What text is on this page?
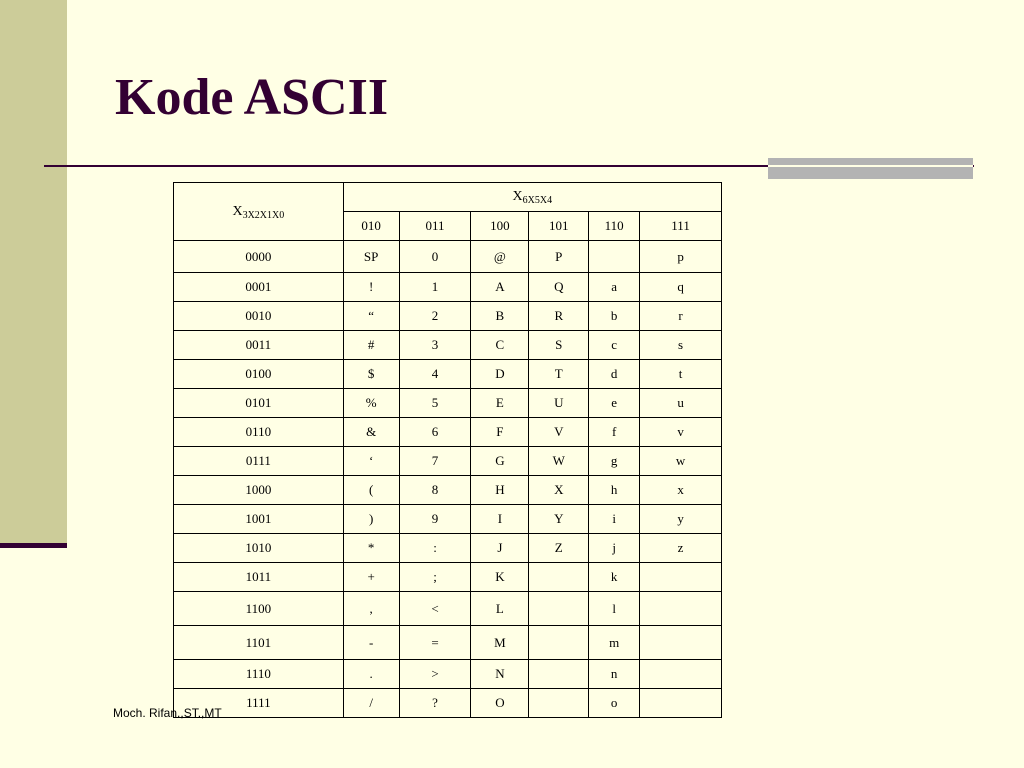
Kode ASCII
$X_{3X2X1X0}$	$X_{6X5X4}$
	010	011	100	101	110	111
0000	SP	0	@	P		p
0001	!	1	A	Q	a	q
0010	“	2	B	R	b	r
0011	#	3	C	S	c	s
0100	$	4	D	T	d	t
0101	%	5	E	U	e	u
0110	&	6	F	V	f	v
0111	‘	7	G	W	g	w
1000	(	8	H	X	h	x
1001	)	9	I	Y	i	y
1010	*	:	J	Z	j	z
1011	+	;	K		k	
1100	,	<	L		l	
1101	-	=	M		m	
1110	.	>	N		n	
1111	/	?	O		o	
Moch. Rifan.,ST.,MT
